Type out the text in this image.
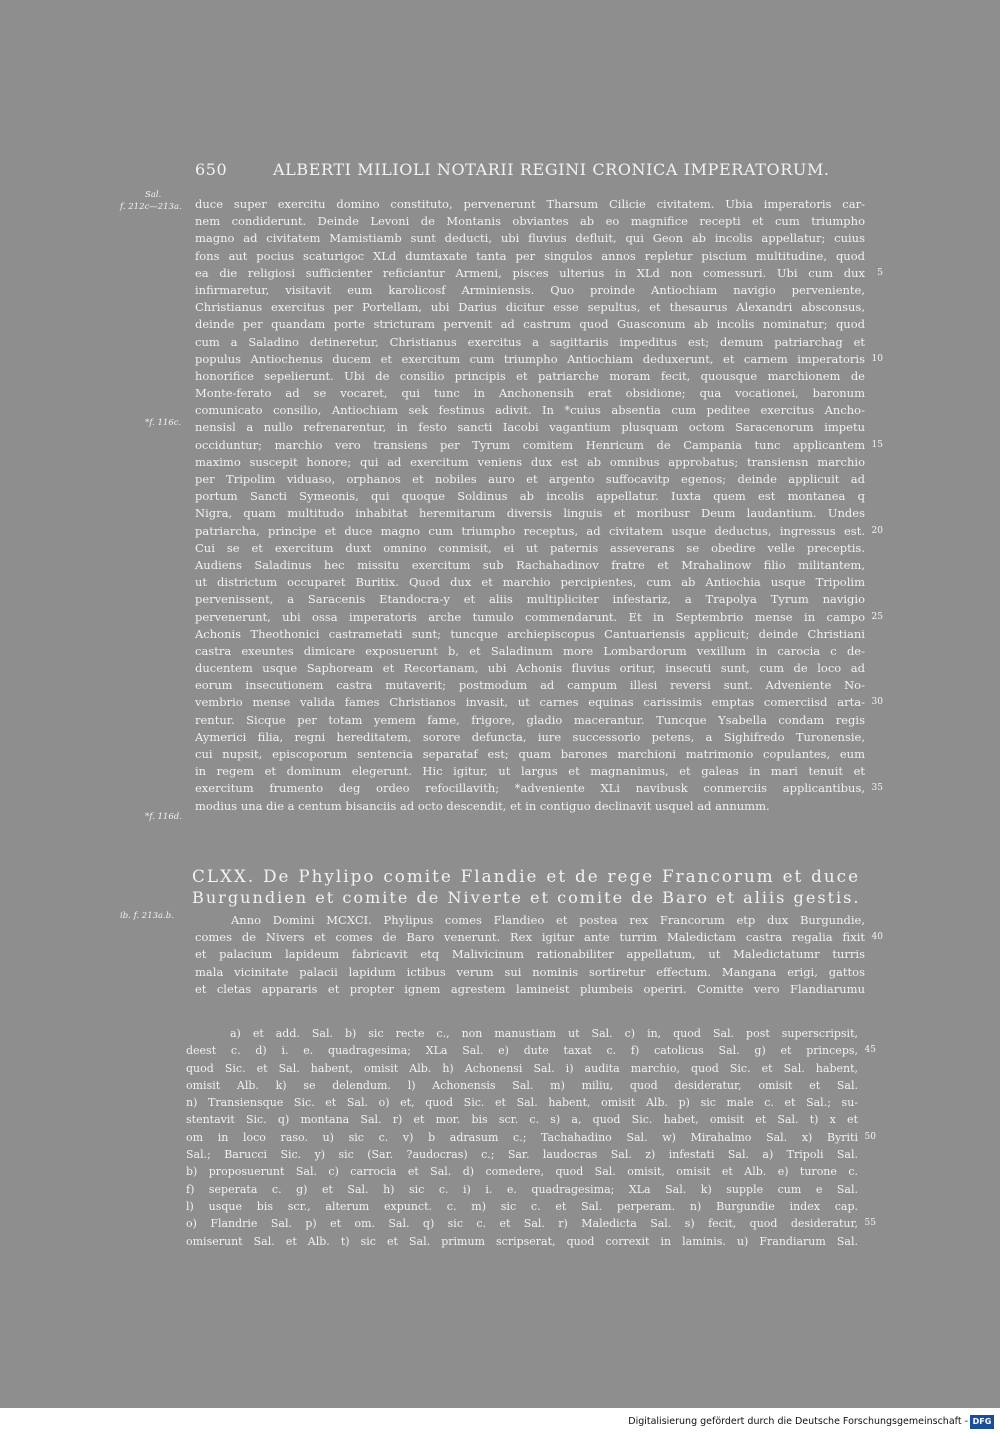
650	ALBERTI MILIOLI NOTARII REGINI CRONICA IMPERATORUM.
Sal.
f. 212c—213a.
*f. 116c.
*f. 116d.
ib. f. 213a.b.
duce super exercitu domino constituto, pervenerunt Tharsum Cilicie civitatem. Ubia imperatoris car-
nem condiderunt. Deinde Levoni de Montanis obviantes ab eo magnifice recepti et cum triumpho
magno ad civitatem Mamistiamb sunt deducti, ubi fluvius defluit, qui Geon ab incolis appellatur; cuius
fons aut pocius scaturigoc XLd dumtaxate tanta per singulos annos repletur piscium multitudine, quod
ea die religiosi sufficienter reficiantur Armeni, pisces ulterius in XLd non comessuri. Ubi cum dux 5
infirmaretur, visitavit eum karolicosf Arminiensis. Quo proinde Antiochiam navigio perveniente,
Christianus exercitus per Portellam, ubi Darius dicitur esse sepultus, et thesaurus Alexandri absconsus,
deinde per quandam porte stricturam pervenit ad castrum quod Guasconum ab incolis nominatur; quod
cum a Saladino detineretur, Christianus exercitus a sagittariis impeditus est; demum patriarchag et
populus Antiochenus ducem et exercitum cum triumpho Antiochiam deduxerunt, et carnem imperatoris 10
honorifice sepelierunt. Ubi de consilio principis et patriarche moram fecit, quousque marchionem de
Monte-ferato ad se vocaret, qui tunc in Anchonensih erat obsidione; qua vocationei, baronum
comunicato consilio, Antiochiam sek festinus adivit. In *cuius absentia cum peditee exercitus Ancho-
nensisl a nullo refrenarentur, in festo sancti Iacobi vagantium plusquam octom Saracenorum impetu
occiduntur; marchio vero transiens per Tyrum comitem Henricum de Campania tunc applicantem 15
maximo suscepit honore; qui ad exercitum veniens dux est ab omnibus approbatus; transiensn marchio
per Tripolim viduaso, orphanos et nobiles auro et argento suffocavitp egenos; deinde applicuit ad
portum Sancti Symeonis, qui quoque Soldinus ab incolis appellatur. Iuxta quem est montanea q
Nigra, quam multitudo inhabitat heremitarum diversis linguis et moribusr Deum laudantium. Undes
patriarcha, principe et duce magno cum triumpho receptus, ad civitatem usque deductus, ingressus est. 20
Cui se et exercitum duxt omnino conmisit, ei ut paternis asseverans se obedire velle preceptis.
Audiens Saladinus hec missitu exercitum sub Rachahadinov fratre et Mrahalinow filio militantem,
ut districtum occuparet Buritix. Quod dux et marchio percipientes, cum ab Antiochia usque Tripolim
pervenissent, a Saracenis Etandocra-y et aliis multipliciter infestariz, a Trapolya Tyrum navigio
pervenerunt, ubi ossa imperatoris arche tumulo commendarunt. Et in Septembrio mense in campo 25
Achonis Theothonici castrametati sunt; tuncque archiepiscopus Cantuariensis applicuit; deinde Christiani
castra exeuntes dimicare exposuerunt b, et Saladinum more Lombardorum vexillum in carocia c de-
ducentem usque Saphoream et Recortanam, ubi Achonis fluvius oritur, insecuti sunt, cum de loco ad
eorum insecutionem castra mutaverit; postmodum ad campum illesi reversi sunt. Adveniente No-
vembrio mense valida fames Christianos invasit, ut carnes equinas carissimis emptas comerciisd arta- 30
rentur. Sicque per totam yemem fame, frigore, gladio macerantur. Tuncque Ysabella condam regis
Aymerici filia, regni hereditatem, sorore defuncta, iure successorio petens, a Sighifredo Turonensie,
cui nupsit, episcoporum sentencia separataf est; quam barones marchioni matrimonio copulantes, eum
in regem et dominum elegerunt. Hic igitur, ut largus et magnanimus, et galeas in mari tenuit et
exercitum frumento deg ordeo refocillavith; *adveniente XLi navibusk conmerciis applicantibus, 35
modius una die a centum bisanciis ad octo descendit, et in contiguo declinavit usquel ad annumm.
CLXX. De Phylipo comite Flandie et de rege Francorum et duce
Burgundien et comite de Niverte et comite de Baro et aliis gestis.
Anno Domini MCXCI. Phylipus comes Flandieo et postea rex Francorum etp dux Burgundie,
comes de Nivers et comes de Baro venerunt. Rex igitur ante turrim Maledictam castra regalia fixit 40
et palacium lapideum fabricavit etq Malivicinum rationabiliter appellatum, ut Maledictatumr turris
mala vicinitate palacii lapidum ictibus verum sui nominis sortiretur effectum. Mangana erigi, gattos
et cletas appararis et propter ignem agrestem lamineist plumbeis operiri. Comitte vero Flandiarumu
a) et add. Sal. b) sic recte c., non manustiam ut Sal. c) in, quod Sal. post superscripsit,
deest c. d) i. e. quadragesima; XLa Sal. e) dute taxat c. f) catolicus Sal. g) et princeps, 45
quod Sic. et Sal. habent, omisit Alb. h) Achonensi Sal. i) audita marchio, quod Sic. et Sal. habent,
omisit Alb. k) se delendum. l) Achonensis Sal. m) miliu, quod desideratur, omisit et Sal.
n) Transiensque Sic. et Sal. o) et, quod Sic. et Sal. habent, omisit Alb. p) sic male c. et Sal.; su-
stentavit Sic. q) montana Sal. r) et mor. bis scr. c. s) a, quod Sic. habet, omisit et Sal. t) x et
om in loco raso. u) sic c. v) b adrasum c.; Tachahadino Sal. w) Mirahalmo Sal. x) Byriti 50
Sal.; Barucci Sic. y) sic (Sar. ?audocras) c.; Sar. laudocras Sal. z) infestati Sal. a) Tripoli Sal.
b) proposuerunt Sal. c) carrocia et Sal. d) comedere, quod Sal. omisit, omisit et Alb. e) turone c.
f) seperata c. g) et Sal. h) sic c. i) i. e. quadragesima; XLa Sal. k) supple cum e Sal.
l) usque bis scr., alterum expunct. c. m) sic c. et Sal. perperam. n) Burgundie index cap.
o) Flandrie Sal. p) et om. Sal. q) sic c. et Sal. r) Maledicta Sal. s) fecit, quod desideratur, 55
omiserunt Sal. et Alb. t) sic et Sal. primum scripserat, quod correxit in laminis. u) Frandiarum Sal.
Digitalisierung gefördert durch die Deutsche Forschungsgemeinschaft - DFG
